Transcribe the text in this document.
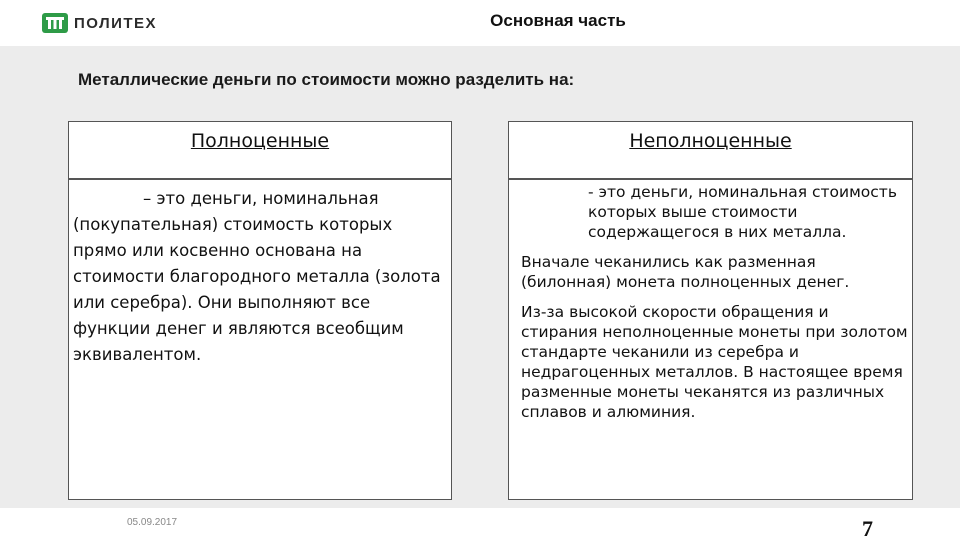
ПОЛИТЕХ	Основная часть
Металлические деньги по стоимости можно разделить на:
Полноценные
– это деньги, номинальная (покупательная) стоимость которых прямо или косвенно основана на стоимости благородного металла (золота или серебра). Они выполняют все функции денег и являются всеобщим эквивалентом.
Неполноценные

- это деньги, номинальная стоимость которых выше стоимости содержащегося в них металла.

Вначале чеканились как разменная (билонная) монета полноценных денег.

Из-за высокой скорости обращения и стирания неполноценные монеты при золотом стандарте чеканили из серебра и недрагоценных металлов. В настоящее время разменные монеты чеканятся из различных сплавов и алюминия.

05.09.2017	7
